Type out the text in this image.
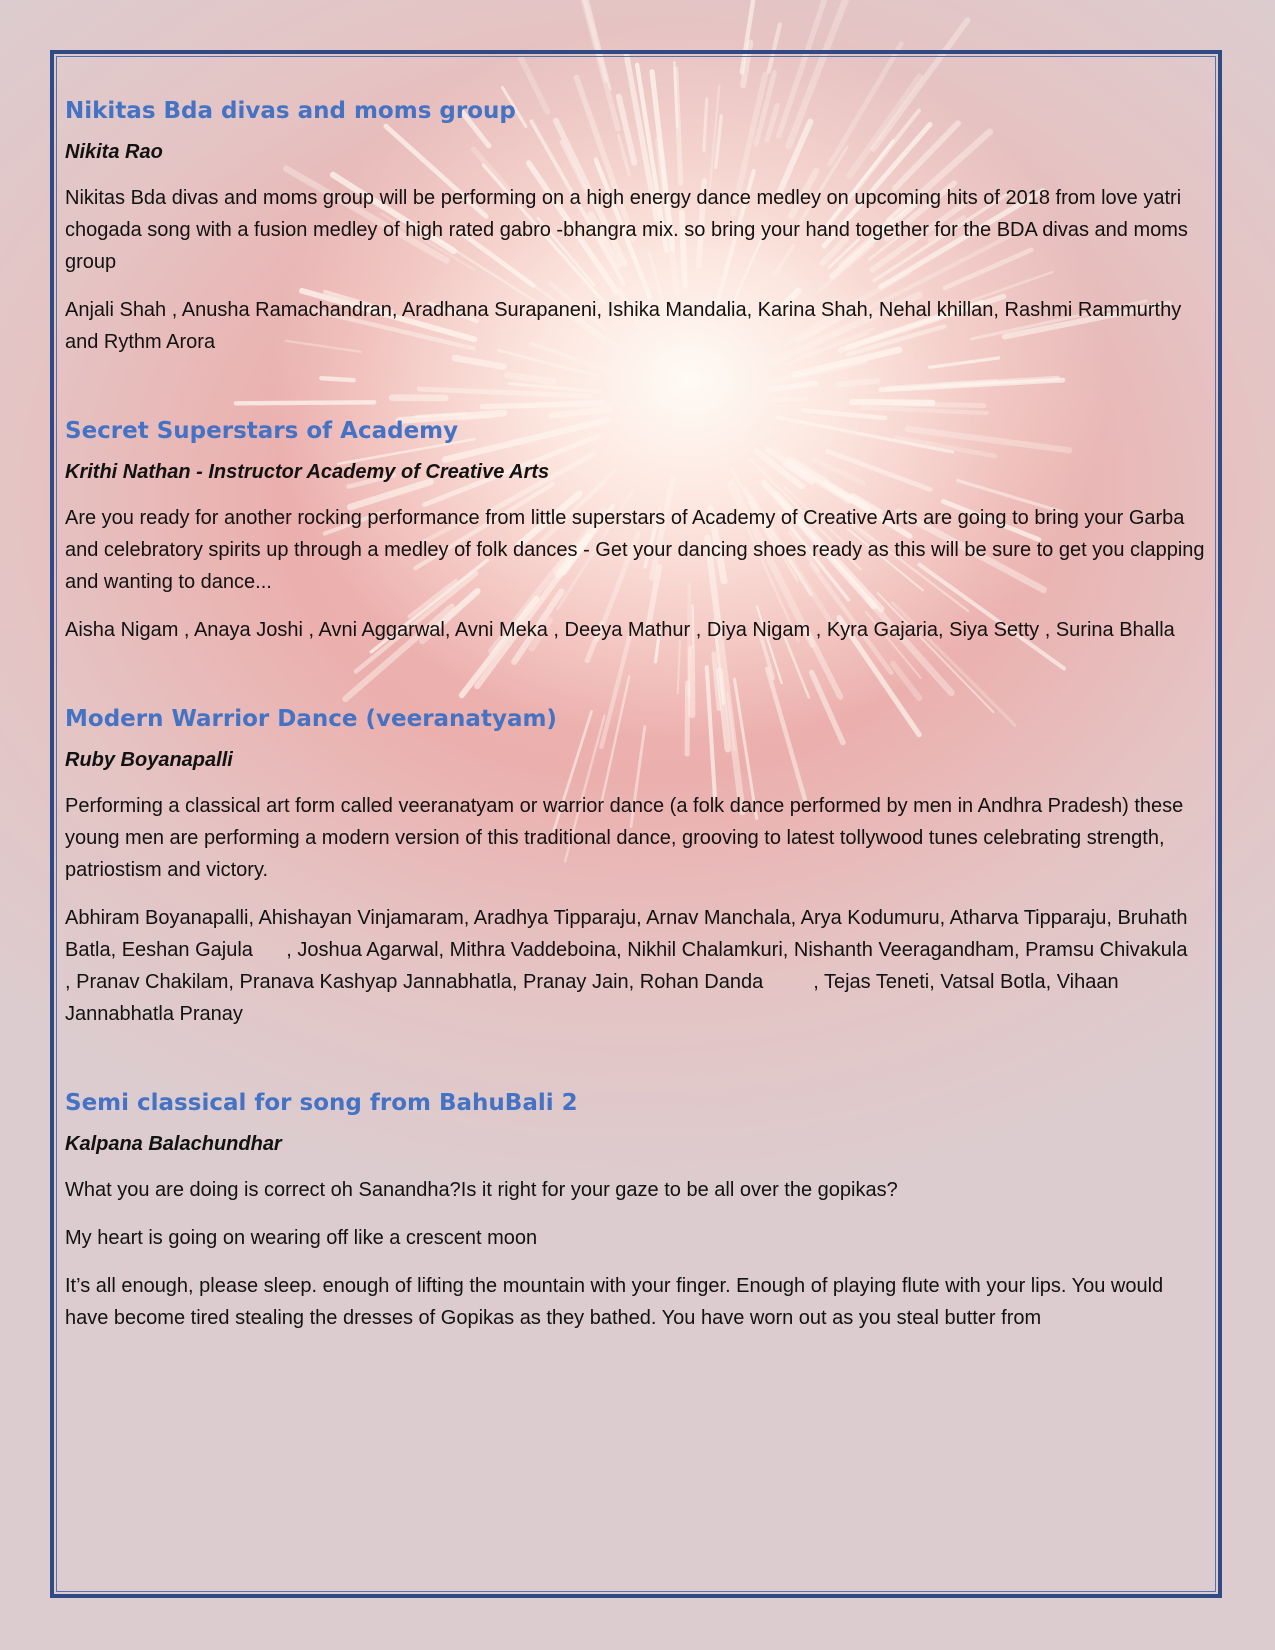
Nikitas Bda divas and moms group
Nikita Rao

Nikitas Bda divas and moms group will be performing on a high energy dance medley on upcoming hits of 2018 from love yatri chogada song with a fusion medley of high rated gabro -bhangra mix. so bring your hand together for the BDA divas and moms group

Anjali Shah , Anusha Ramachandran, Aradhana Surapaneni, Ishika Mandalia, Karina Shah, Nehal khillan, Rashmi Rammurthy and Rythm Arora

Secret Superstars of Academy
Krithi Nathan - Instructor Academy of Creative Arts

Are you ready for another rocking performance from little superstars of Academy of Creative Arts are going to bring your Garba and celebratory spirits up through a medley of folk dances - Get your dancing shoes ready as this will be sure to get you clapping and wanting to dance...

Aisha Nigam , Anaya Joshi , Avni Aggarwal, Avni Meka , Deeya Mathur , Diya Nigam , Kyra Gajaria, Siya Setty , Surina Bhalla

Modern Warrior Dance (veeranatyam)
Ruby Boyanapalli

Performing a classical art form called veeranatyam or warrior dance (a folk dance performed by men in Andhra Pradesh) these young men are performing a modern version of this traditional dance, grooving to latest tollywood tunes celebrating strength, patriostism and victory.

Abhiram Boyanapalli, Ahishayan Vinjamaram, Aradhya Tipparaju, Arnav Manchala, Arya Kodumuru, Atharva Tipparaju, Bruhath Batla, Eeshan Gajula      , Joshua Agarwal, Mithra Vaddeboina, Nikhil Chalamkuri, Nishanth Veeragandham, Pramsu Chivakula           , Pranav Chakilam, Pranava Kashyap Jannabhatla, Pranay Jain, Rohan Danda         , Tejas Teneti, Vatsal Botla, Vihaan Jannabhatla Pranay

Semi classical for song from BahuBali 2
Kalpana Balachundhar

What you are doing is correct oh Sanandha?Is it right for your gaze to be all over the gopikas?

My heart is going on wearing off like a crescent moon

It’s all enough, please sleep. enough of lifting the mountain with your finger. Enough of playing flute with your lips. You would have become tired stealing the dresses of Gopikas as they bathed. You have worn out as you steal butter from
